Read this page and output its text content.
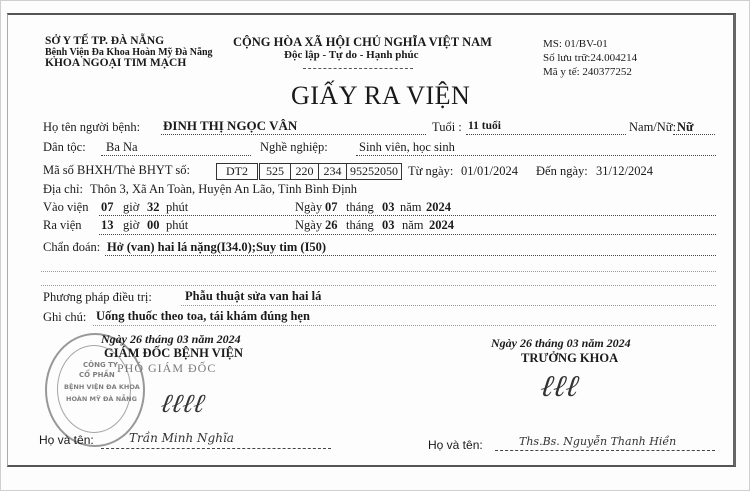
SỞ Y TẾ TP. ĐÀ NẴNG
Bệnh Viện Đa Khoa Hoàn Mỹ Đà Nẵng
KHOA NGOẠI TIM MẠCH
CỘNG HÒA XÃ HỘI CHỦ NGHĨA VIỆT NAM
Độc lập - Tự do - Hạnh phúc
MS: 01/BV-01
Số lưu trữ:24.004214
Mã y tế: 240377252
GIẤY RA VIỆN
Họ tên người bệnh: ĐINH THỊ NGỌC VÂN	Tuổi : 11 tuổi	Nam/Nữ: Nữ
Dân tộc: Ba Na	Nghề nghiệp:	Sinh viên, học sinh
Mã số BHXH/Thẻ BHYT số:	DT2	525 220 234 95252050 Từ ngày: 01/01/2024 Đến ngày: 31/12/2024
Địa chỉ: Thôn 3, Xã An Toàn, Huyện An Lão, Tỉnh Bình Định
Vào viện 07 giờ 32 phút	Ngày 07 tháng 03 năm 2024
Ra viện 13 giờ 00 phút	Ngày 26 tháng 03 năm 2024
Chẩn đoán: Hở (van) hai lá nặng(I34.0);Suy tim (I50)
Phương pháp điều trị:	Phẫu thuật sửa van hai lá
Ghi chú: Uống thuốc theo toa, tái khám đúng hẹn
CÔNG TY
CỔ PHẦN
BỆNH VIỆN ĐA KHOA
HOÀN MỸ ĐÀ NẴNG
Ngày 26 tháng 03 năm 2024
GIÁM ĐỐC BỆNH VIỆN
PHÓ GIÁM ĐỐC
ℓℓℓℓ
Họ và tên:	Trần Minh Nghĩa
Ngày 26 tháng 03 năm 2024
TRƯỞNG KHOA
ℓℓℓ
Họ và tên:	Ths.Bs. Nguyễn Thanh Hiền
